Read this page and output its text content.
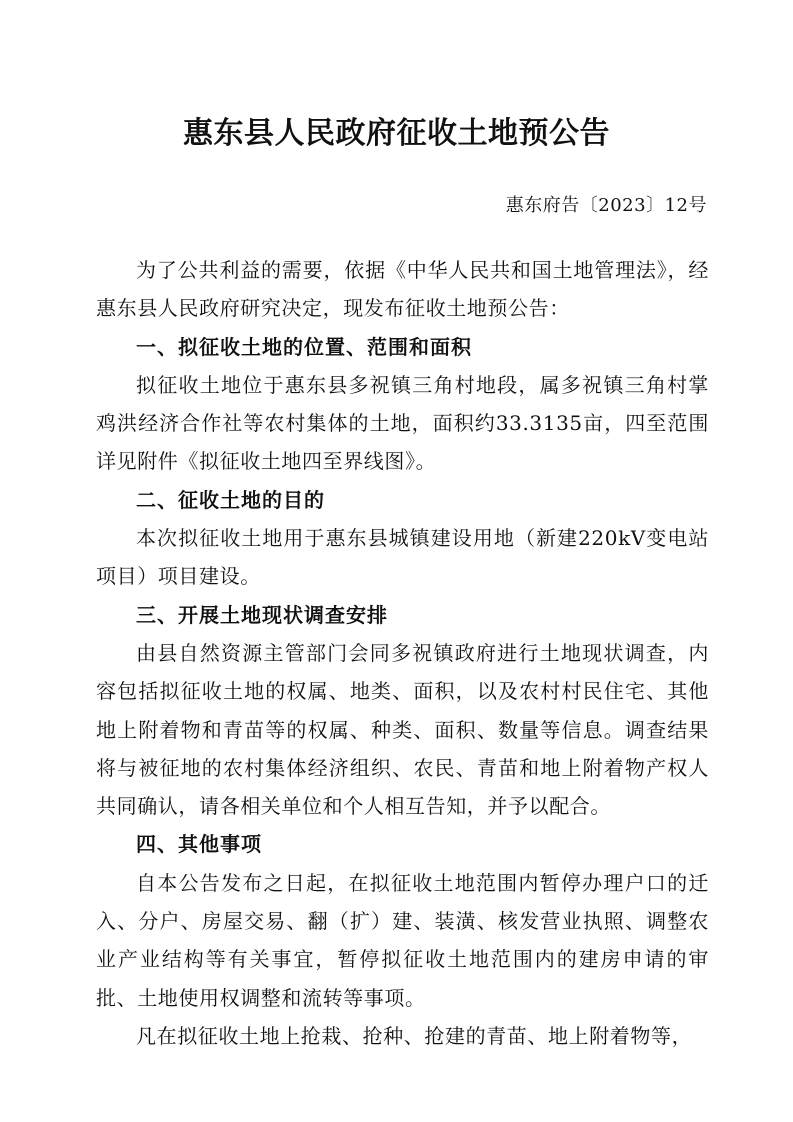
惠东县人民政府征收土地预公告
惠东府告〔2023〕12号

为了公共利益的需要，依据《中华人民共和国土地管理法》，经惠东县人民政府研究决定，现发布征收土地预公告：

一、拟征收土地的位置、范围和面积

拟征收土地位于惠东县多祝镇三角村地段，属多祝镇三角村掌鸡洪经济合作社等农村集体的土地，面积约33.3135亩，四至范围详见附件《拟征收土地四至界线图》。

二、征收土地的目的

本次拟征收土地用于惠东县城镇建设用地（新建220kV变电站项目）项目建设。

三、开展土地现状调查安排

由县自然资源主管部门会同多祝镇政府进行土地现状调查，内容包括拟征收土地的权属、地类、面积，以及农村村民住宅、其他地上附着物和青苗等的权属、种类、面积、数量等信息。调查结果将与被征地的农村集体经济组织、农民、青苗和地上附着物产权人共同确认，请各相关单位和个人相互告知，并予以配合。

四、其他事项

自本公告发布之日起，在拟征收土地范围内暂停办理户口的迁入、分户、房屋交易、翻（扩）建、装潢、核发营业执照、调整农业产业结构等有关事宜，暂停拟征收土地范围内的建房申请的审批、土地使用权调整和流转等事项。

凡在拟征收土地上抢栽、抢种、抢建的青苗、地上附着物等，
